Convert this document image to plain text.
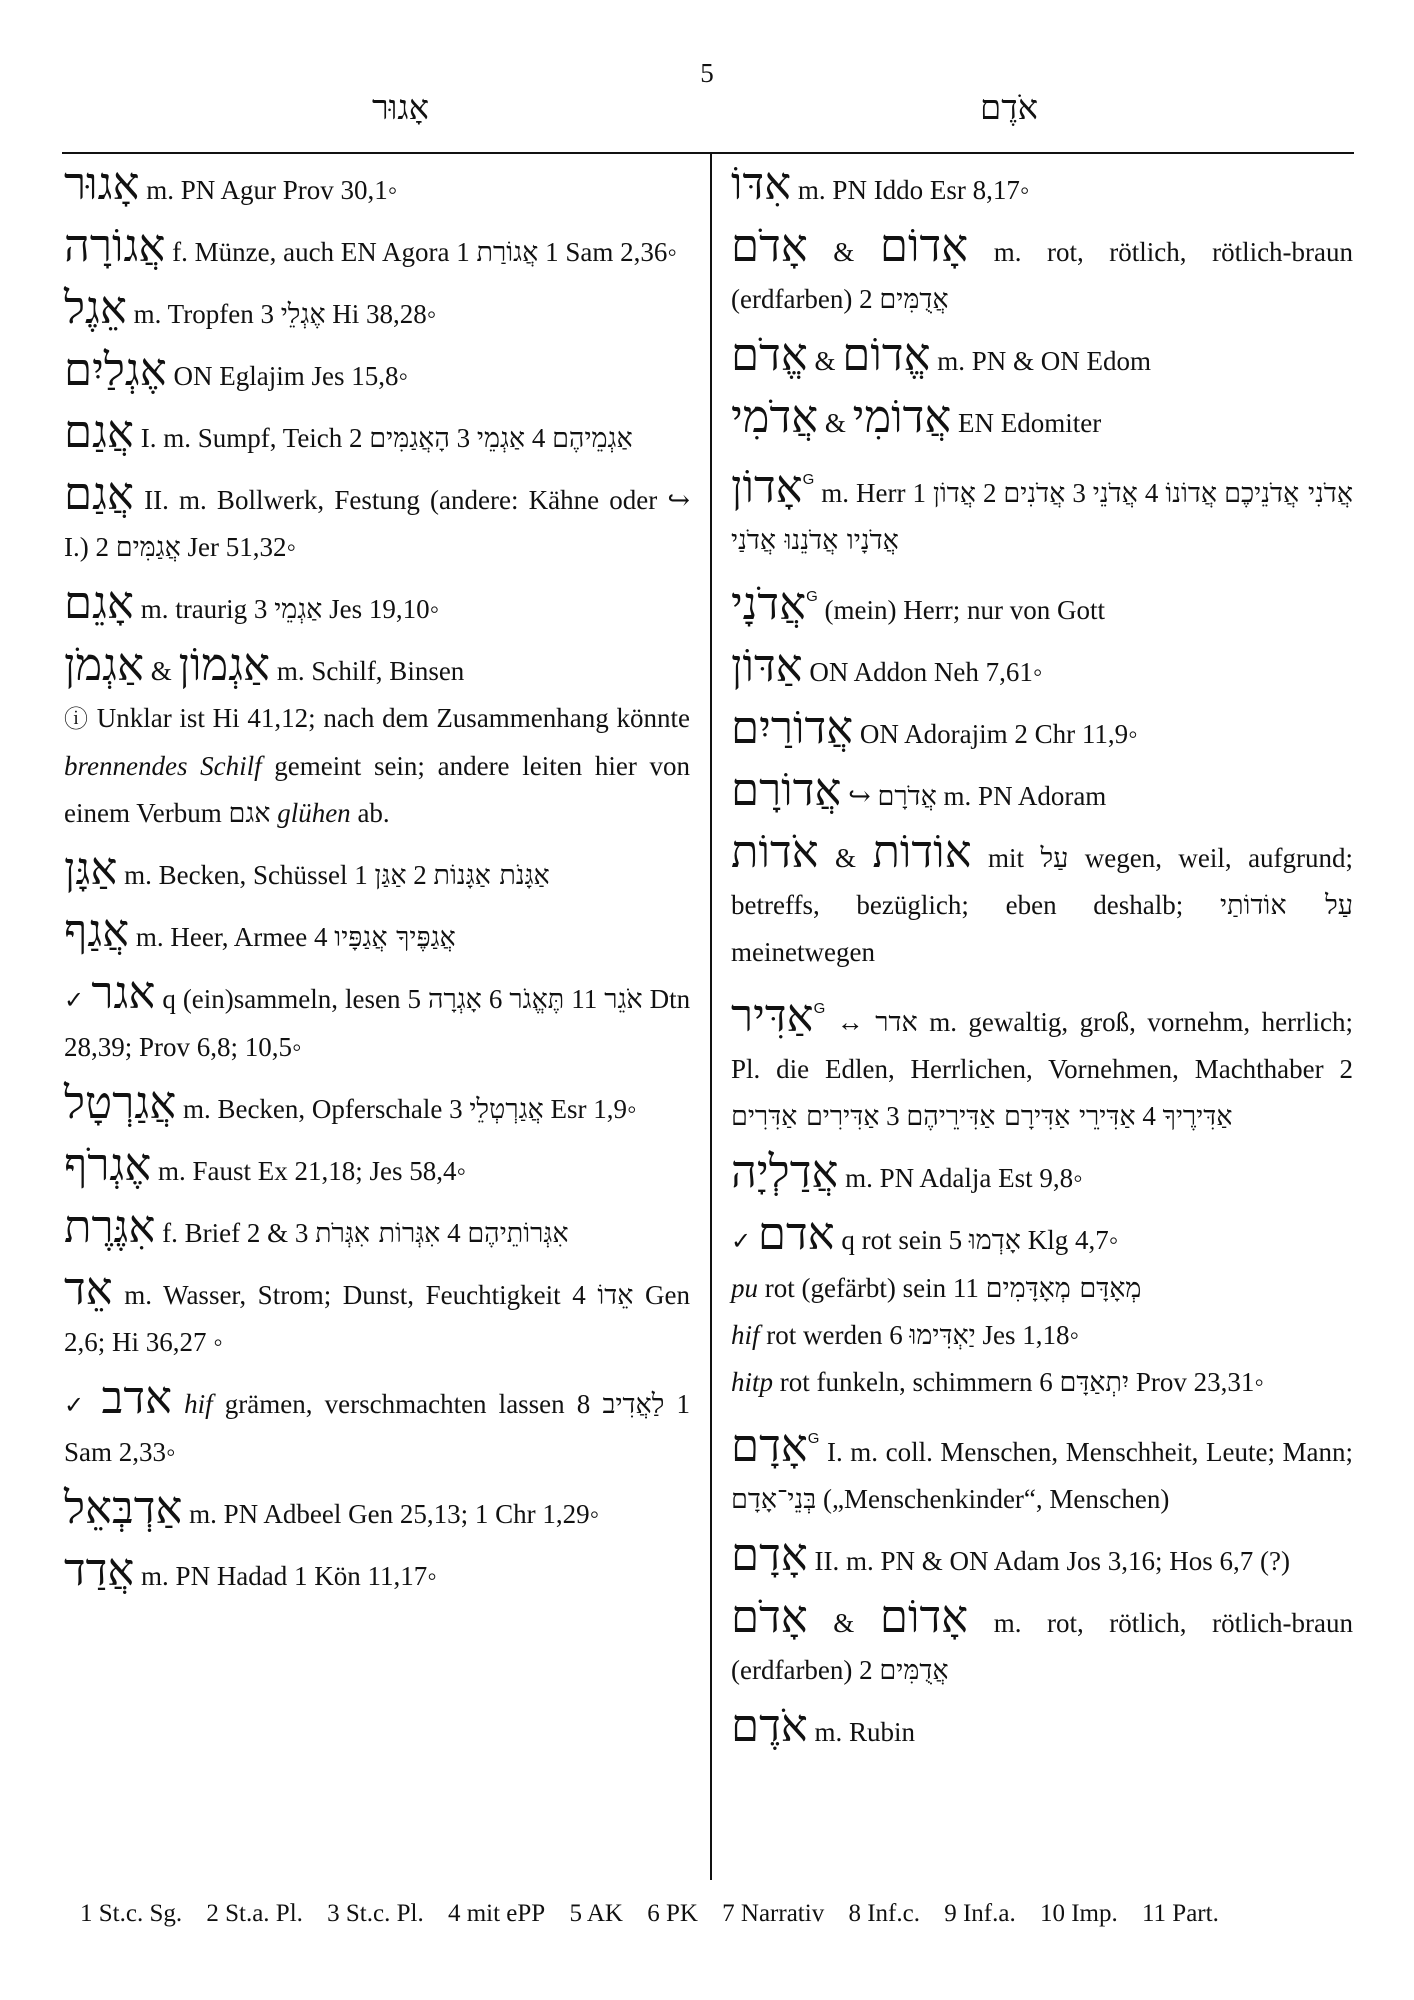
5
אָגוּר	אֹדֶם
אָגוּר m. PN Agur Prov 30,1◦
אֲגוֹרָה f. Münze, auch EN Agora 1 אֲגוֹרַת 1 Sam 2,36◦
אֵגֶל m. Tropfen 3 אֶגְלֵי Hi 38,28◦
אֶגְלַיִם ON Eglajim Jes 15,8◦
אֲגַם I. m. Sumpf, Teich 2 הָאֲגַמִּים 3 אַגְמֵי 4 אַגְמֵיהֶם
אֲגַם II. m. Bollwerk, Festung (andere: Kähne oder ↪ I.) 2 אֲגַמִּים Jer 51,32◦
אָגֵם m. traurig 3 אַגְמֵי Jes 19,10◦
אַגְמֹן & אַגְמוֹן m. Schilf, Binsen

ⓘ Unklar ist Hi 41,12; nach dem Zusammenhang könnte brennendes Schilf gemeint sein; andere leiten hier von einem Verbum אגם glühen ab.

אַגָּן m. Becken, Schüssel 1 אַגַּן 2 אַגָּנֹת אַגָּנוֹת
אֲגַף m. Heer, Armee 4 אֲגַפֶּיךָ אֲגַפָּיו
✓ אגר q (ein)sammeln, lesen 5 אָגְרָה 6 תֶּאֱגֹר 11 אֹגֵר Dtn 28,39; Prov 6,8; 10,5◦
אֲגַרְטָל m. Becken, Opferschale 3 אֲגַרְטְלֵי Esr 1,9◦
אֶגְרֹף m. Faust Ex 21,18; Jes 58,4◦
אִגֶּרֶת f. Brief 2 & 3 אִגְּרוֹת אִגְּרֹת 4 אִגְּרוֹתֵיהֶם
אֵד m. Wasser, Strom; Dunst, Feuchtigkeit 4 אֵדוֹ Gen 2,6; Hi 36,27 ◦
✓ אדב hif grämen, verschmachten lassen 8 לַאֲדִיב 1 Sam 2,33◦
אַדְבְּאֵל m. PN Adbeel Gen 25,13; 1 Chr 1,29◦
אֲדַד m. PN Hadad 1 Kön 11,17◦
אִדּוֹ m. PN Iddo Esr 8,17◦
אָדֹם & אָדוֹם m. rot, rötlich, rötlich-braun (erdfarben) 2 אֲדֻמִּים
אֱדֹם & אֱדוֹם m. PN & ON Edom
אֲדֹמִי & אֲדוֹמִי EN Edomiter
אָדוֹן$^G$ m. Herr 1 אֲדוֹן 2 אֲדֹנִים 3 אֲדֹנֵי 4 אֲדוֹנוֹ אֲדֹנִי אֲדֹנֵיכֶם אֲדֹנָיו אֲדֹנֵנוּ אֲדֹנַי
אֲדֹנָי$^G$ (mein) Herr; nur von Gott
אַדּוֹן ON Addon Neh 7,61◦
אֲדוֹרַיִם ON Adorajim 2 Chr 11,9◦
אֲדוֹרָם ↪ אֲדֹרָם m. PN Adoram
אֹדוֹת & אוֹדוֹת mit עַל wegen, weil, aufgrund; betreffs, bezüglich; eben deshalb; עַל אוֹדוֹתַי meinetwegen
אַדִּיר$^G$ ↔ אדר m. gewaltig, groß, vornehm, herrlich; Pl. die Edlen, Herrlichen, Vornehmen, Machthaber 2 אַדִּירִים אַדִּרִים 3 אַדִּירֵי אַדִּירָם אַדִּירֵיהֶם 4 אַדִּירֶיךָ
אֲדַלְיָה m. PN Adalja Est 9,8◦

✓ אדם q rot sein 5 אָדְמוּ Klg 4,7◦

pu rot (gefärbt) sein 11 מְאָדָּם מְאָדָּמִים

hif rot werden 6 יַאְדִּימוּ Jes 1,18◦

hitp rot funkeln, schimmern 6 יִתְאַדָּם Prov 23,31◦

אָדָם$^G$ I. m. coll. Menschen, Menschheit, Leute; Mann; בְּנֵי־אָדָם („Menschenkinder“, Menschen)
אָדָם II. m. PN & ON Adam Jos 3,16; Hos 6,7 (?)
אָדֹם & אָדוֹם m. rot, rötlich, rötlich-braun (erdfarben) 2 אֲדֻמִּים
אֹדֶם m. Rubin
1 St.c. Sg. 2 St.a. Pl. 3 St.c. Pl. 4 mit ePP 5 AK 6 PK 7 Narrativ 8 Inf.c. 9 Inf.a. 10 Imp. 11 Part.
